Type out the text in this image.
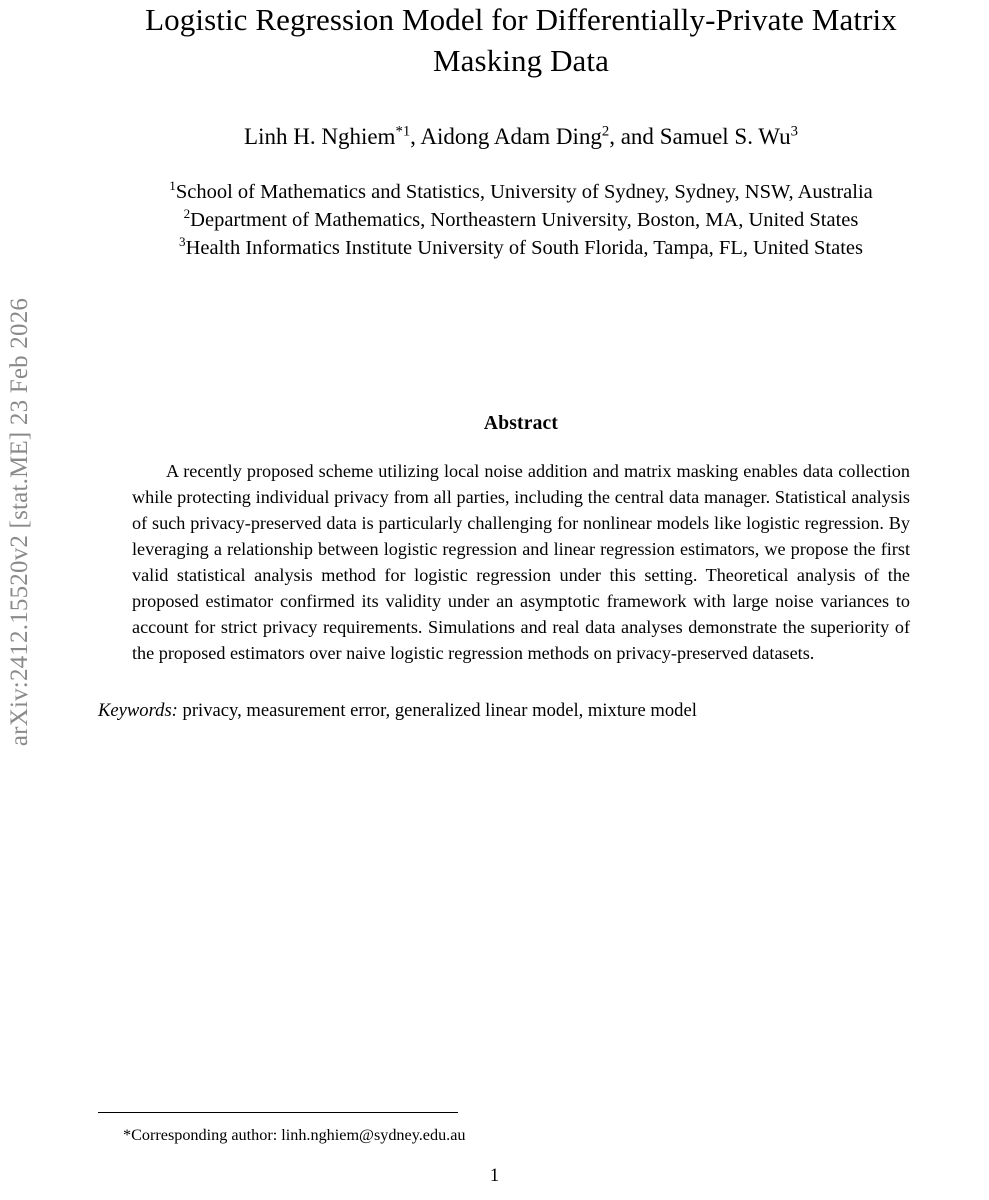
arXiv:2412.15520v2 [stat.ME] 23 Feb 2026
Logistic Regression Model for Differentially-Private Matrix Masking Data
Linh H. Nghiem$^{*1}$, Aidong Adam Ding$^2$, and Samuel S. Wu$^3$
$^1$School of Mathematics and Statistics, University of Sydney, Sydney, NSW, Australia
$^2$Department of Mathematics, Northeastern University, Boston, MA, United States
$^3$Health Informatics Institute University of South Florida, Tampa, FL, United States
Abstract

A recently proposed scheme utilizing local noise addition and matrix masking enables data collection while protecting individual privacy from all parties, including the central data manager. Statistical analysis of such privacy-preserved data is particularly challenging for nonlinear models like logistic regression. By leveraging a relationship between logistic regression and linear regression estimators, we propose the first valid statistical analysis method for logistic regression under this setting. Theoretical analysis of the proposed estimator confirmed its validity under an asymptotic framework with large noise variances to account for strict privacy requirements. Simulations and real data analyses demonstrate the superiority of the proposed estimators over naive logistic regression methods on privacy-preserved datasets.

Keywords: privacy, measurement error, generalized linear model, mixture model

*Corresponding author: linh.nghiem@sydney.edu.au

1
